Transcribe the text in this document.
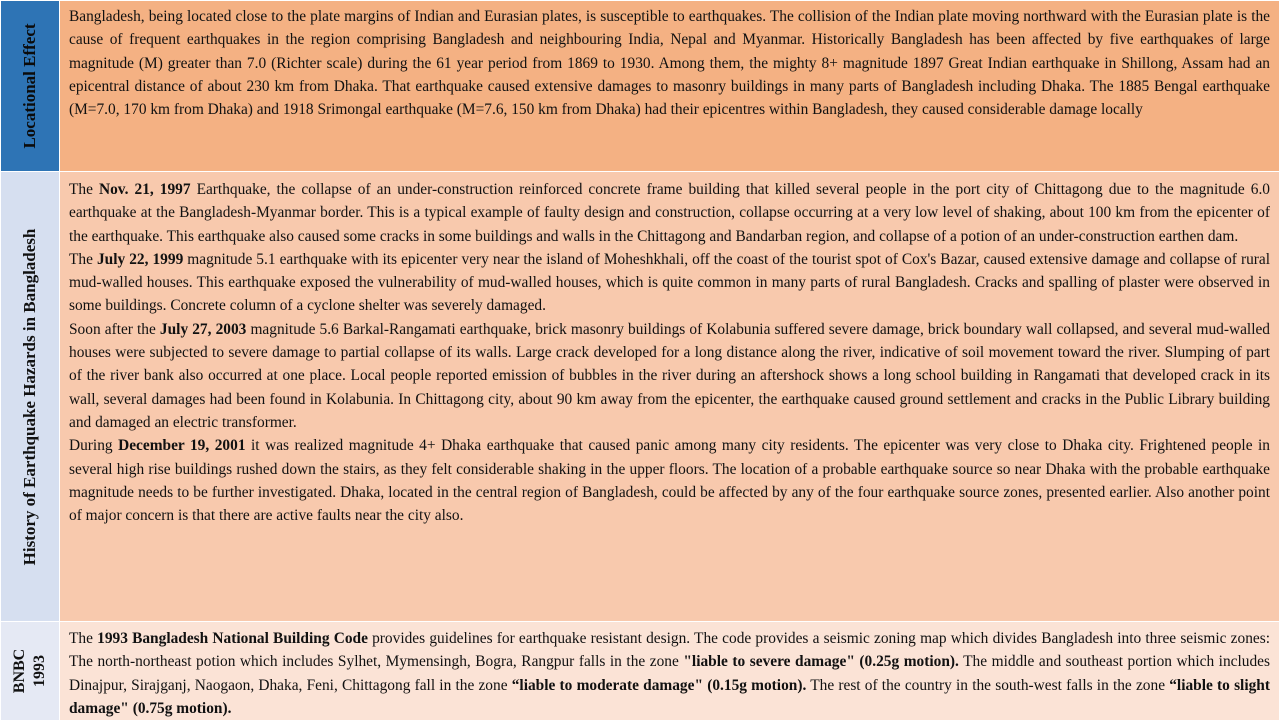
Locational Effect	Bangladesh, being located close to the plate margins of Indian and Eurasian plates, is susceptible to earthquakes. The collision of the Indian plate moving northward with the Eurasian plate is the cause of frequent earthquakes in the region comprising Bangladesh and neighbouring India, Nepal and Myanmar. Historically Bangladesh has been affected by five earthquakes of large magnitude (M) greater than 7.0 (Richter scale) during the 61 year period from 1869 to 1930. Among them, the mighty 8+ magnitude 1897 Great Indian earthquake in Shillong, Assam had an epicentral distance of about 230 km from Dhaka. That earthquake caused extensive damages to masonry buildings in many parts of Bangladesh including Dhaka. The 1885 Bengal earthquake (M=7.0, 170 km from Dhaka) and 1918 Srimongal earthquake (M=7.6, 150 km from Dhaka) had their epicentres within Bangladesh, they caused considerable damage locally

History of Earthquake Hazards in Bangladesh	The Nov. 21, 1997 Earthquake, the collapse of an under-construction reinforced concrete frame building that killed several people in the port city of Chittagong due to the magnitude 6.0 earthquake at the Bangladesh-Myanmar border. This is a typical example of faulty design and construction, collapse occurring at a very low level of shaking, about 100 km from the epicenter of the earthquake. This earthquake also caused some cracks in some buildings and walls in the Chittagong and Bandarban region, and collapse of a potion of an under-construction earthen dam.

The July 22, 1999 magnitude 5.1 earthquake with its epicenter very near the island of Moheshkhali, off the coast of the tourist spot of Cox's Bazar, caused extensive damage and collapse of rural mud-walled houses. This earthquake exposed the vulnerability of mud-walled houses, which is quite common in many parts of rural Bangladesh. Cracks and spalling of plaster were observed in some buildings. Concrete column of a cyclone shelter was severely damaged.

Soon after the July 27, 2003 magnitude 5.6 Barkal-Rangamati earthquake, brick masonry buildings of Kolabunia suffered severe damage, brick boundary wall collapsed, and several mud-walled houses were subjected to severe damage to partial collapse of its walls. Large crack developed for a long distance along the river, indicative of soil movement toward the river. Slumping of part of the river bank also occurred at one place. Local people reported emission of bubbles in the river during an aftershock shows a long school building in Rangamati that developed crack in its wall, several damages had been found in Kolabunia. In Chittagong city, about 90 km away from the epicenter, the earthquake caused ground settlement and cracks in the Public Library building and damaged an electric transformer.

During December 19, 2001 it was realized magnitude 4+ Dhaka earthquake that caused panic among many city residents. The epicenter was very close to Dhaka city. Frightened people in several high rise buildings rushed down the stairs, as they felt considerable shaking in the upper floors. The location of a probable earthquake source so near Dhaka with the probable earthquake magnitude needs to be further investigated. Dhaka, located in the central region of Bangladesh, could be affected by any of the four earthquake source zones, presented earlier. Also another point of major concern is that there are active faults near the city also.

BNBC 1993	The 1993 Bangladesh National Building Code provides guidelines for earthquake resistant design. The code provides a seismic zoning map which divides Bangladesh into three seismic zones: The north-northeast potion which includes Sylhet, Mymensingh, Bogra, Rangpur falls in the zone "liable to severe damage" (0.25g motion). The middle and southeast portion which includes Dinajpur, Sirajganj, Naogaon, Dhaka, Feni, Chittagong fall in the zone “liable to moderate damage" (0.15g motion). The rest of the country in the south-west falls in the zone “liable to slight damage" (0.75g motion).
